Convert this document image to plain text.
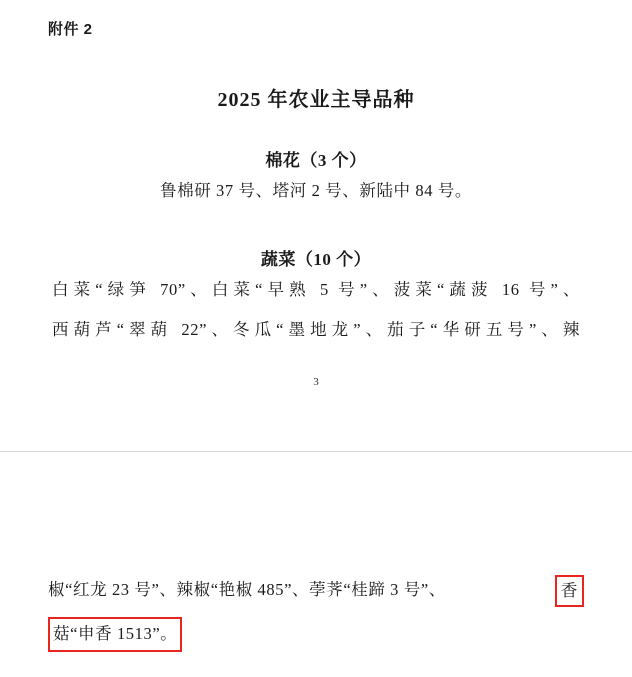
附件 2
2025 年农业主导品种
棉花（3 个）
鲁棉研 37 号、塔河 2 号、新陆中 84 号。
蔬菜（10 个）
白菜“绿笋 70”、白菜“早熟 5 号”、菠菜“蔬菠 16 号”、
西葫芦“翠葫 22”、冬瓜“墨地龙”、茄子“华研五号”、辣
3
椒“红龙 23 号”、辣椒“艳椒 485”、荸荠“桂蹄 3 号”、	香
菇“申香 1513”。
